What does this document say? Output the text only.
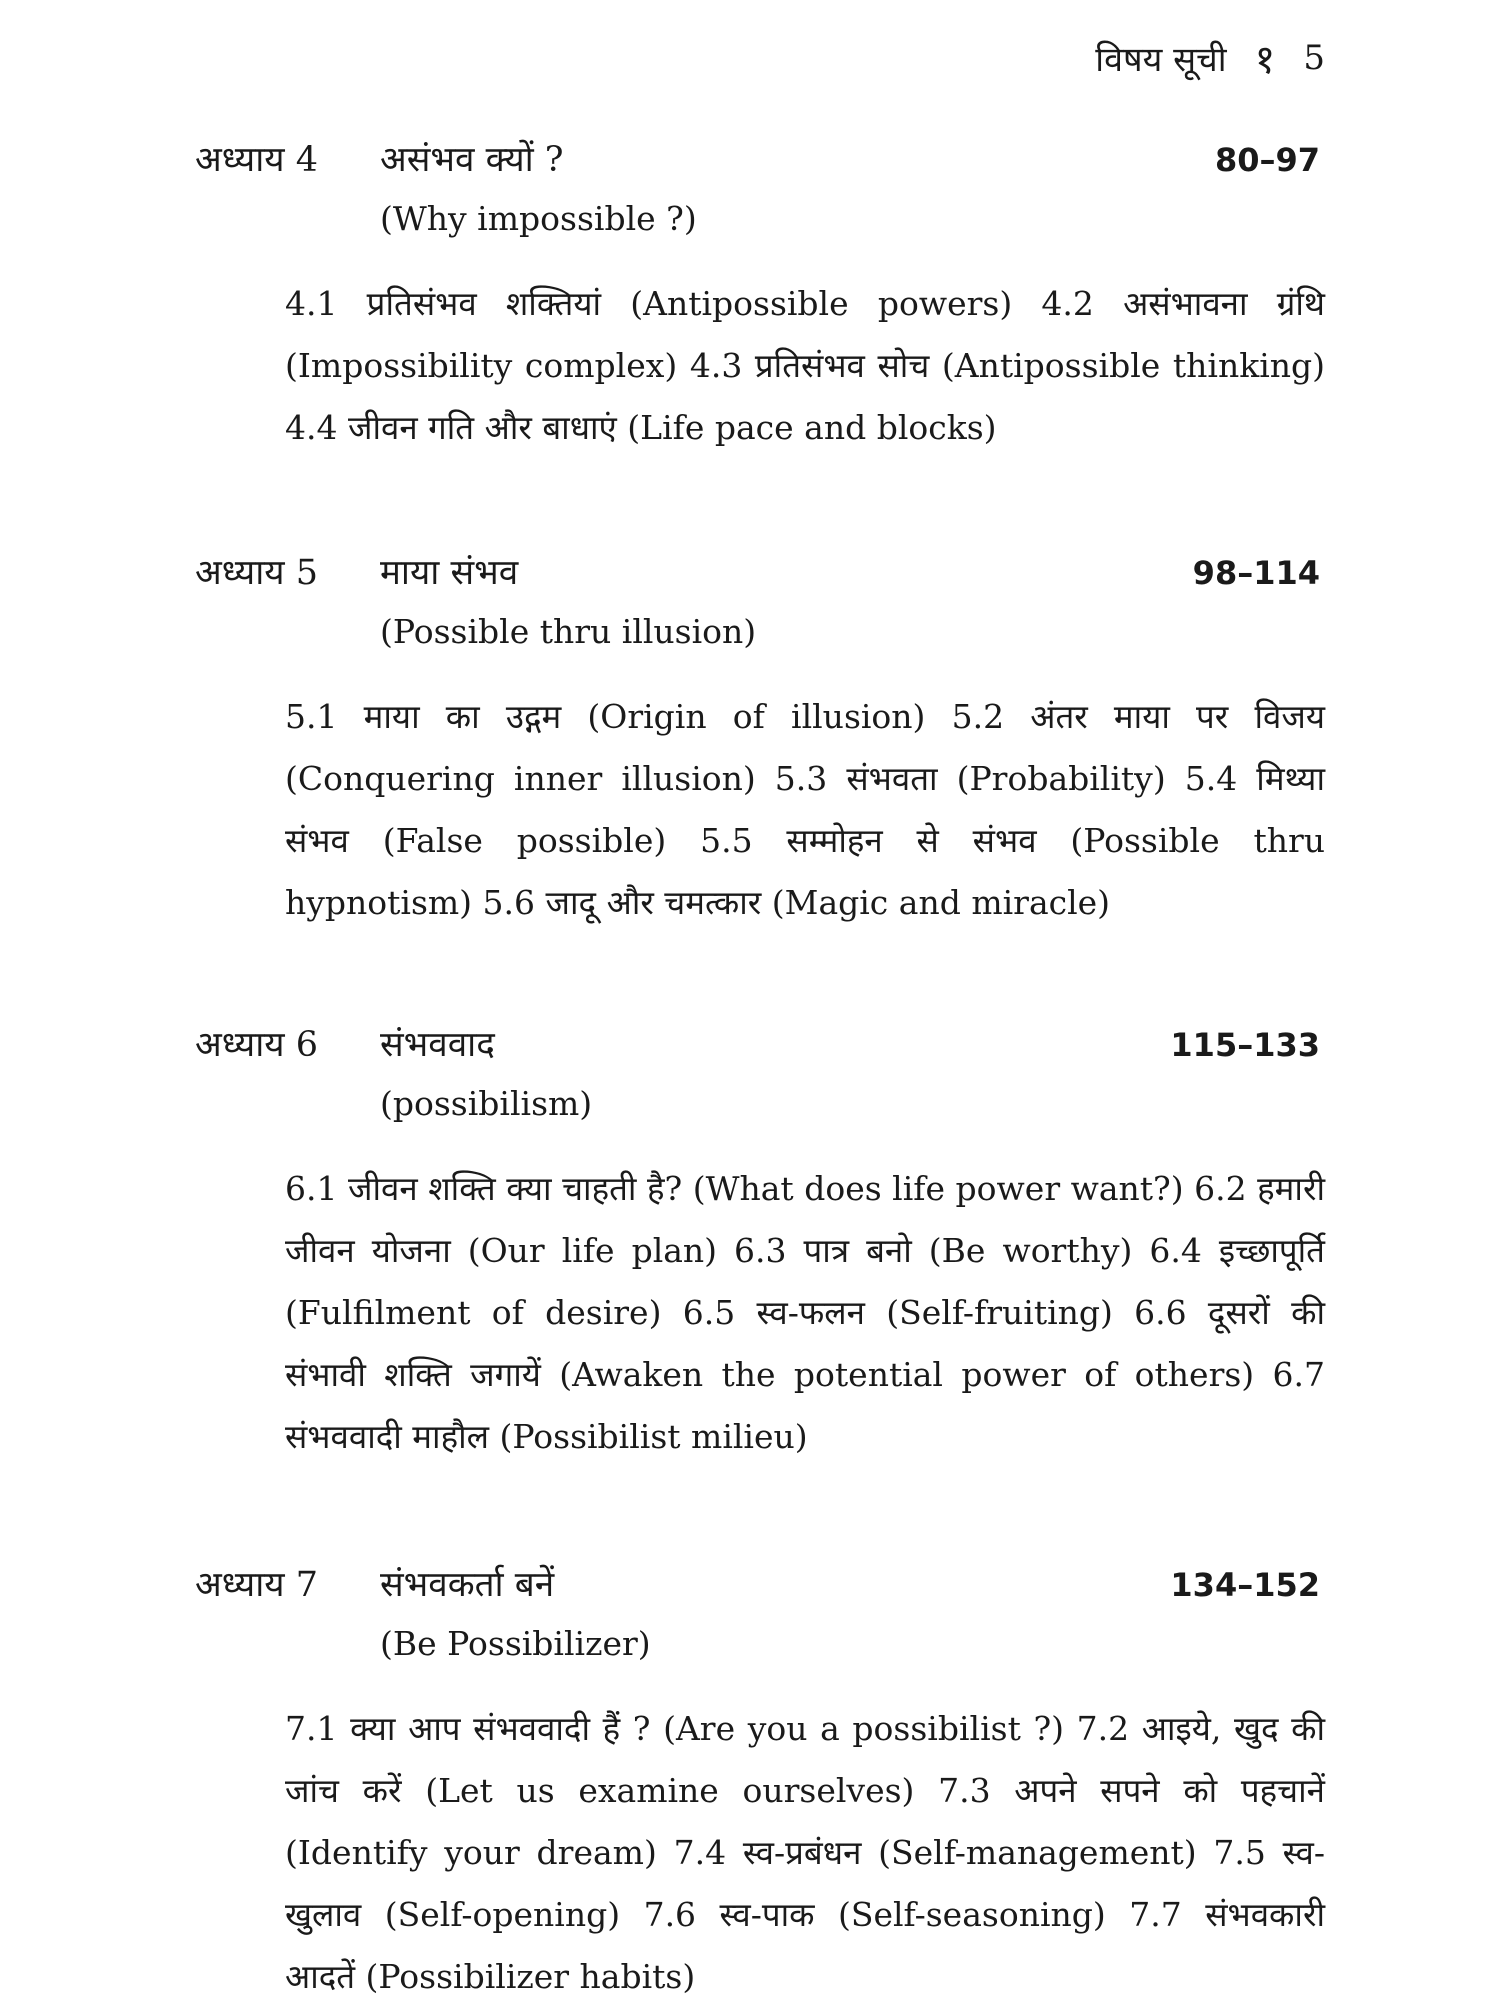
विषय सूची १ 5
अध्याय 4	असंभव क्यों ?	80–97
(Why impossible ?)
4.1 प्रतिसंभव शक्तियां (Antipossible powers) 4.2 असंभावना ग्रंथि (Impossibility complex) 4.3 प्रतिसंभव सोच (Antipossible thinking) 4.4 जीवन गति और बाधाएं (Life pace and blocks)
अध्याय 5	माया संभव	98–114
(Possible thru illusion)
5.1 माया का उद्गम (Origin of illusion) 5.2 अंतर माया पर विजय (Conquering inner illusion) 5.3 संभवता (Probability) 5.4 मिथ्या संभव (False possible) 5.5 सम्मोहन से संभव (Possible thru hypnotism) 5.6 जादू और चमत्कार (Magic and miracle)
अध्याय 6	संभववाद	115–133
(possibilism)
6.1 जीवन शक्ति क्या चाहती है? (What does life power want?) 6.2 हमारी जीवन योजना (Our life plan) 6.3 पात्र बनो (Be worthy) 6.4 इच्छापूर्ति (Fulfilment of desire) 6.5 स्व-फलन (Self-fruiting) 6.6 दूसरों की संभावी शक्ति जगायें (Awaken the potential power of others) 6.7 संभववादी माहौल (Possibilist milieu)
अध्याय 7	संभवकर्ता बनें	134–152
(Be Possibilizer)
7.1 क्या आप संभववादी हैं ? (Are you a possibilist ?) 7.2 आइये, खुद की जांच करें (Let us examine ourselves) 7.3 अपने सपने को पहचानें (Identify your dream) 7.4 स्व-प्रबंधन (Self-management) 7.5 स्व-खुलाव (Self-opening) 7.6 स्व-पाक (Self-seasoning) 7.7 संभवकारी आदतें (Possibilizer habits)
